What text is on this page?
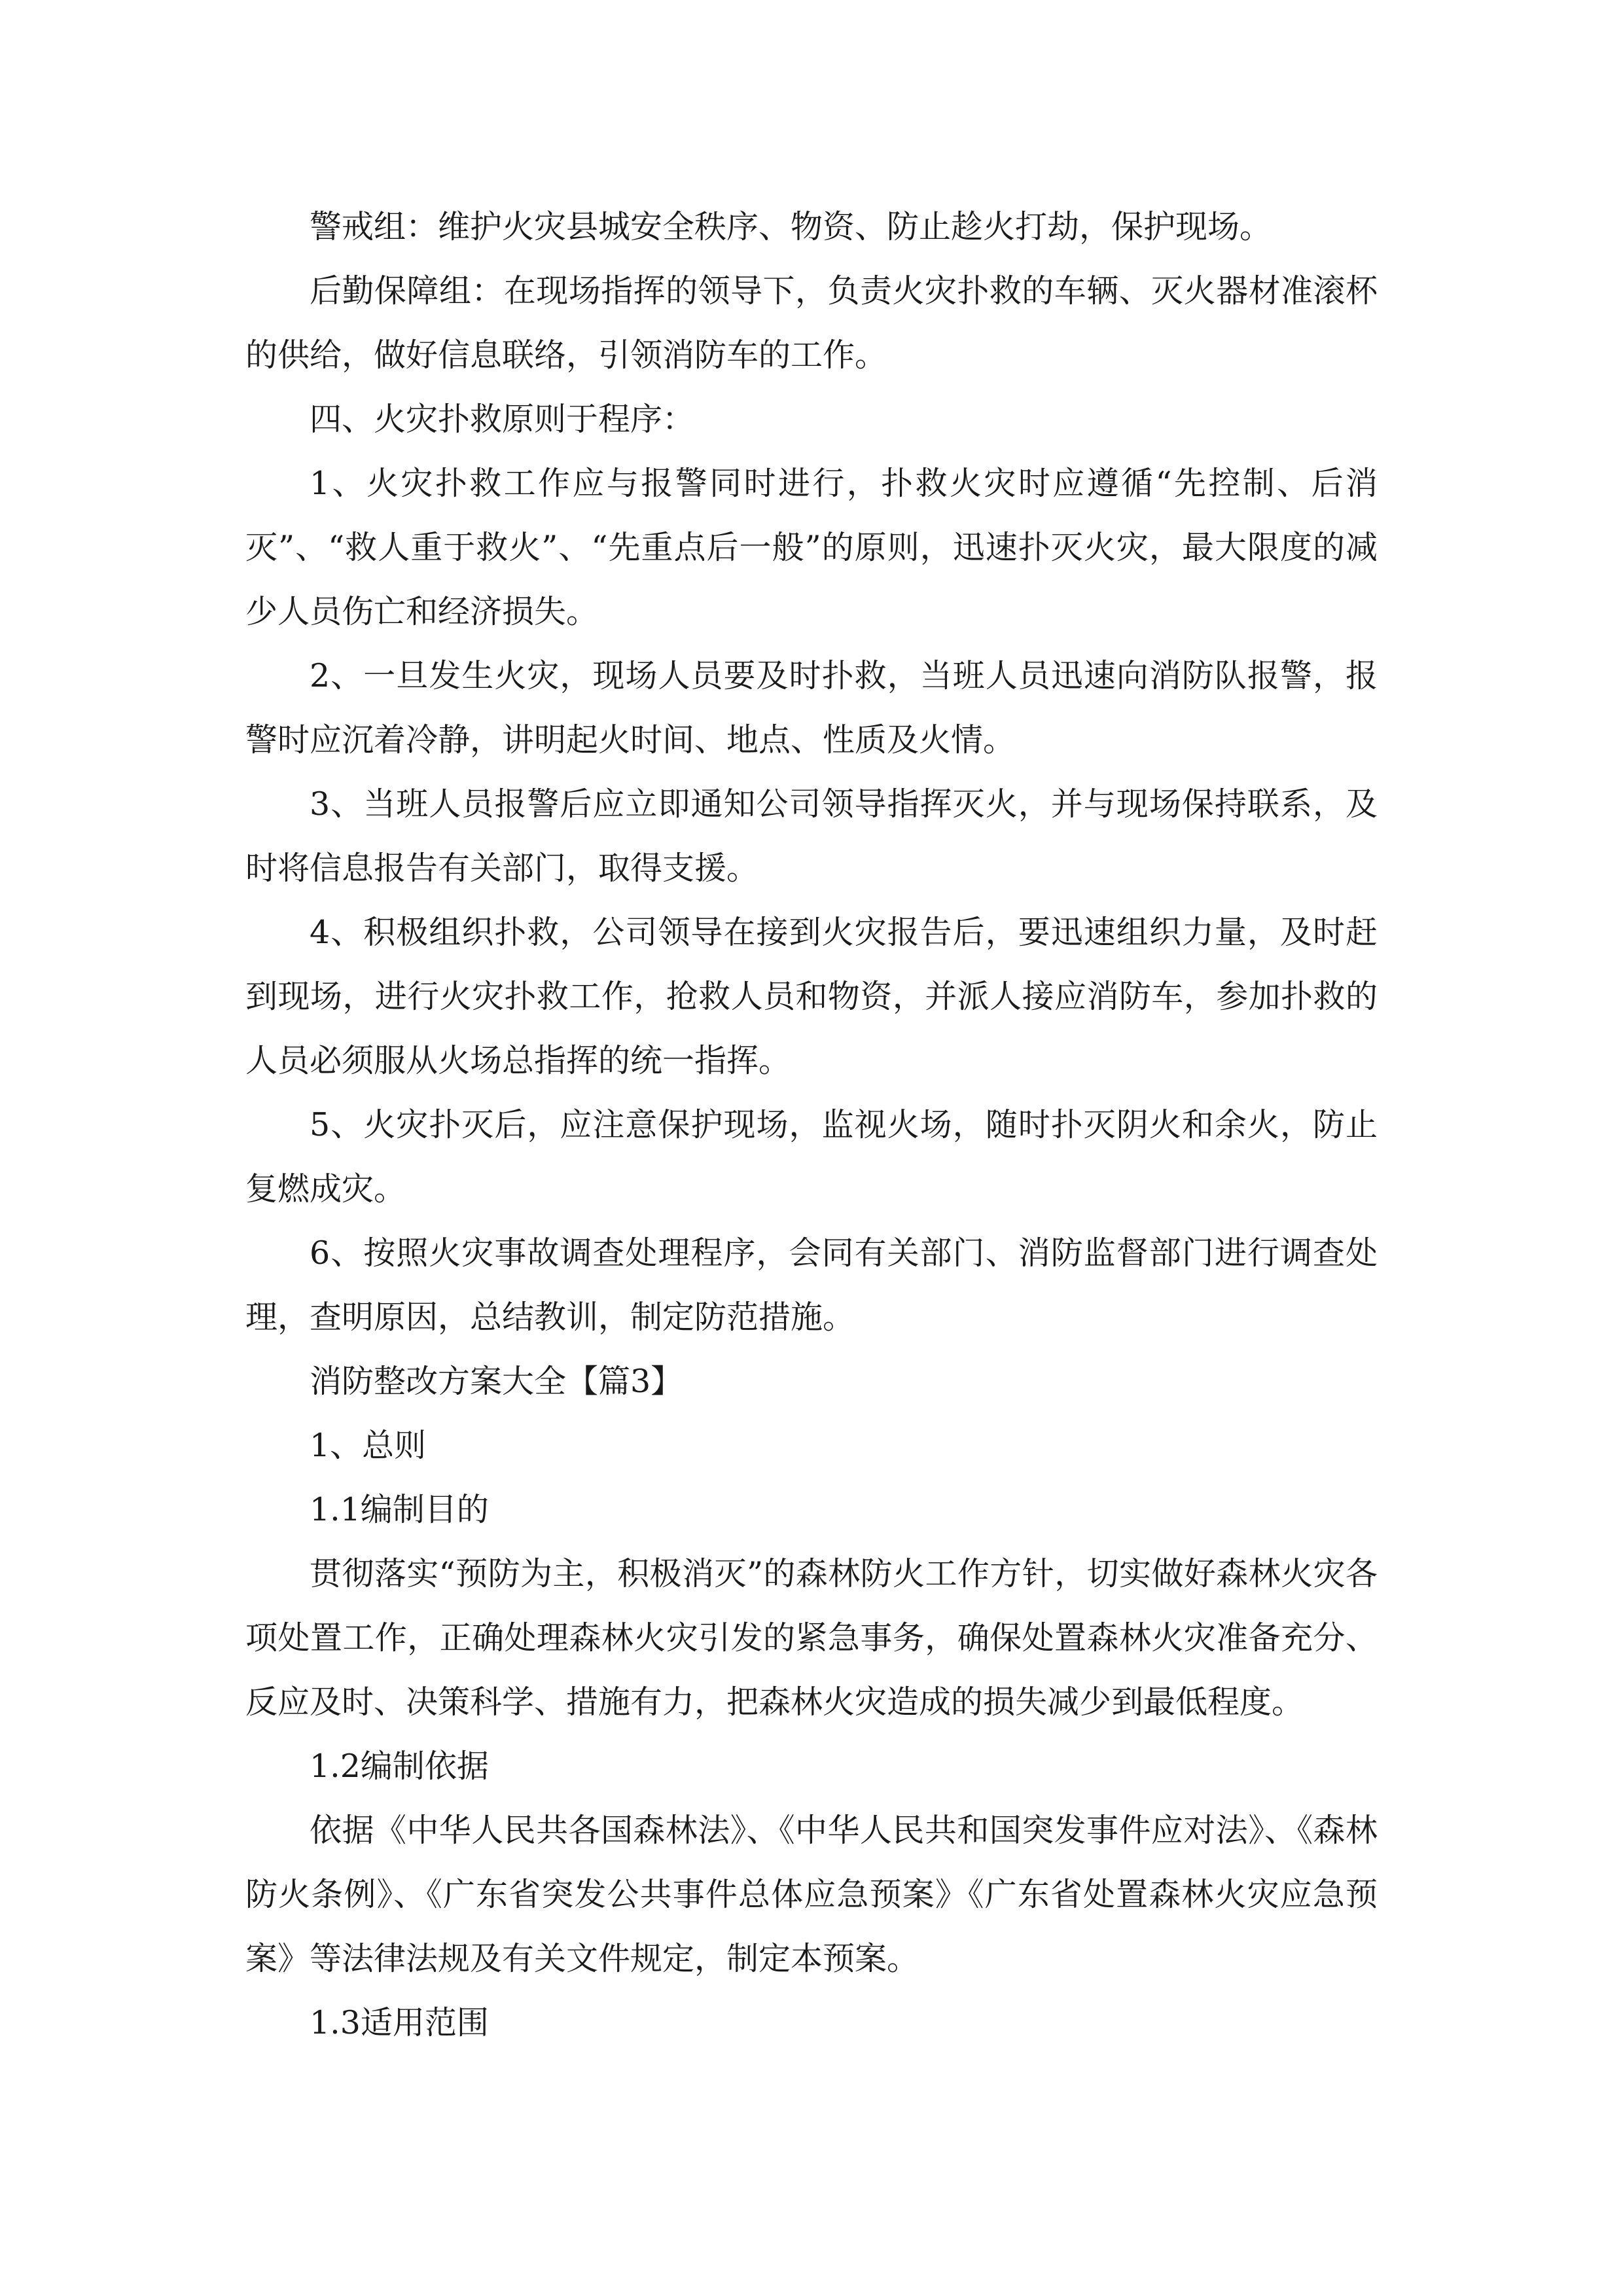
警戒组：维护火灾县城安全秩序、物资、防止趁火打劫，保护现场。

后勤保障组：在现场指挥的领导下，负责火灾扑救的车辆、灭火器材准滚杯的供给，做好信息联络，引领消防车的工作。

四、火灾扑救原则于程序：

1、火灾扑救工作应与报警同时进行，扑救火灾时应遵循“先控制、后消灭”、“救人重于救火”、“先重点后一般”的原则，迅速扑灭火灾，最大限度的减少人员伤亡和经济损失。

2、一旦发生火灾，现场人员要及时扑救，当班人员迅速向消防队报警，报警时应沉着冷静，讲明起火时间、地点、性质及火情。

3、当班人员报警后应立即通知公司领导指挥灭火，并与现场保持联系，及时将信息报告有关部门，取得支援。

4、积极组织扑救，公司领导在接到火灾报告后，要迅速组织力量，及时赶到现场，进行火灾扑救工作，抢救人员和物资，并派人接应消防车，参加扑救的人员必须服从火场总指挥的统一指挥。

5、火灾扑灭后，应注意保护现场，监视火场，随时扑灭阴火和余火，防止复燃成灾。

6、按照火灾事故调查处理程序，会同有关部门、消防监督部门进行调查处理，查明原因，总结教训，制定防范措施。

消防整改方案大全【篇3】

1、总则

1.1编制目的

贯彻落实“预防为主，积极消灭”的森林防火工作方针，切实做好森林火灾各项处置工作，正确处理森林火灾引发的紧急事务，确保处置森林火灾准备充分、反应及时、决策科学、措施有力，把森林火灾造成的损失减少到最低程度。

1.2编制依据

依据《中华人民共各国森林法》、《中华人民共和国突发事件应对法》、《森林防火条例》、《广东省突发公共事件总体应急预案》《广东省处置森林火灾应急预案》等法律法规及有关文件规定，制定本预案。

1.3适用范围
